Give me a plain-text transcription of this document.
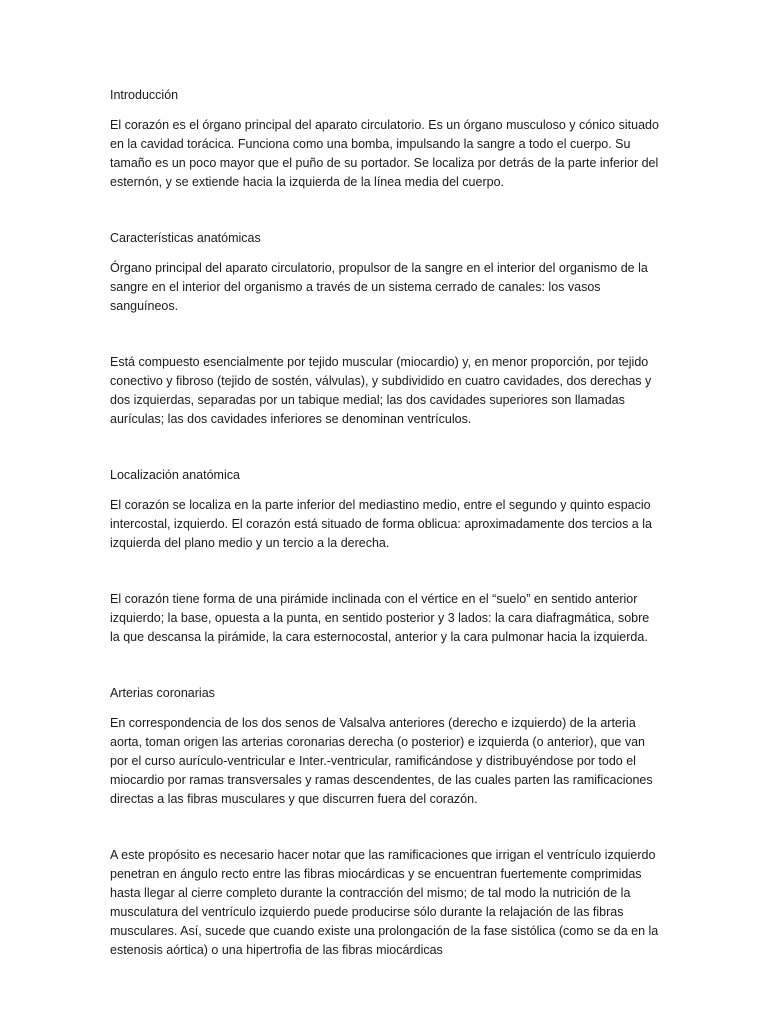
Introducción

El corazón es el órgano principal del aparato circulatorio. Es un órgano musculoso y cónico situado en la cavidad torácica. Funciona como una bomba, impulsando la sangre a todo el cuerpo. Su tamaño es un poco mayor que el puño de su portador. Se localiza por detrás de la parte inferior del esternón, y se extiende hacia la izquierda de la línea media del cuerpo.

Características anatómicas

Órgano principal del aparato circulatorio, propulsor de la sangre en el interior del organismo de la sangre en el interior del organismo a través de un sistema cerrado de canales: los vasos sanguíneos.

Está compuesto esencialmente por tejido muscular (miocardio) y, en menor proporción, por tejido conectivo y fibroso (tejido de sostén, válvulas), y subdividido en cuatro cavidades, dos derechas y dos izquierdas, separadas por un tabique medial; las dos cavidades superiores son llamadas aurículas; las dos cavidades inferiores se denominan ventrículos.

Localización anatómica

El corazón se localiza en la parte inferior del mediastino medio, entre el segundo y quinto espacio intercostal, izquierdo. El corazón está situado de forma oblicua: aproximadamente dos tercios a la izquierda del plano medio y un tercio a la derecha.

El corazón tiene forma de una pirámide inclinada con el vértice en el “suelo” en sentido anterior izquierdo; la base, opuesta a la punta, en sentido posterior y 3 lados: la cara diafragmática, sobre la que descansa la pirámide, la cara esternocostal, anterior y la cara pulmonar hacia la izquierda.

Arterias coronarias

En correspondencia de los dos senos de Valsalva anteriores (derecho e izquierdo) de la arteria aorta, toman origen las arterias coronarias derecha (o posterior) e izquierda (o anterior), que van por el curso aurículo-ventricular e Inter.-ventricular, ramificándose y distribuyéndose por todo el miocardio por ramas transversales y ramas descendentes, de las cuales parten las ramificaciones directas a las fibras musculares y que discurren fuera del corazón.

A este propósito es necesario hacer notar que las ramificaciones que irrigan el ventrículo izquierdo penetran en ángulo recto entre las fibras miocárdicas y se encuentran fuertemente comprimidas hasta llegar al cierre completo durante la contracción del mismo; de tal modo la nutrición de la musculatura del ventrículo izquierdo puede producirse sólo durante la relajación de las fibras musculares. Así, sucede que cuando existe una prolongación de la fase sistólica (como se da en la estenosis aórtica) o una hipertrofia de las fibras miocárdicas
